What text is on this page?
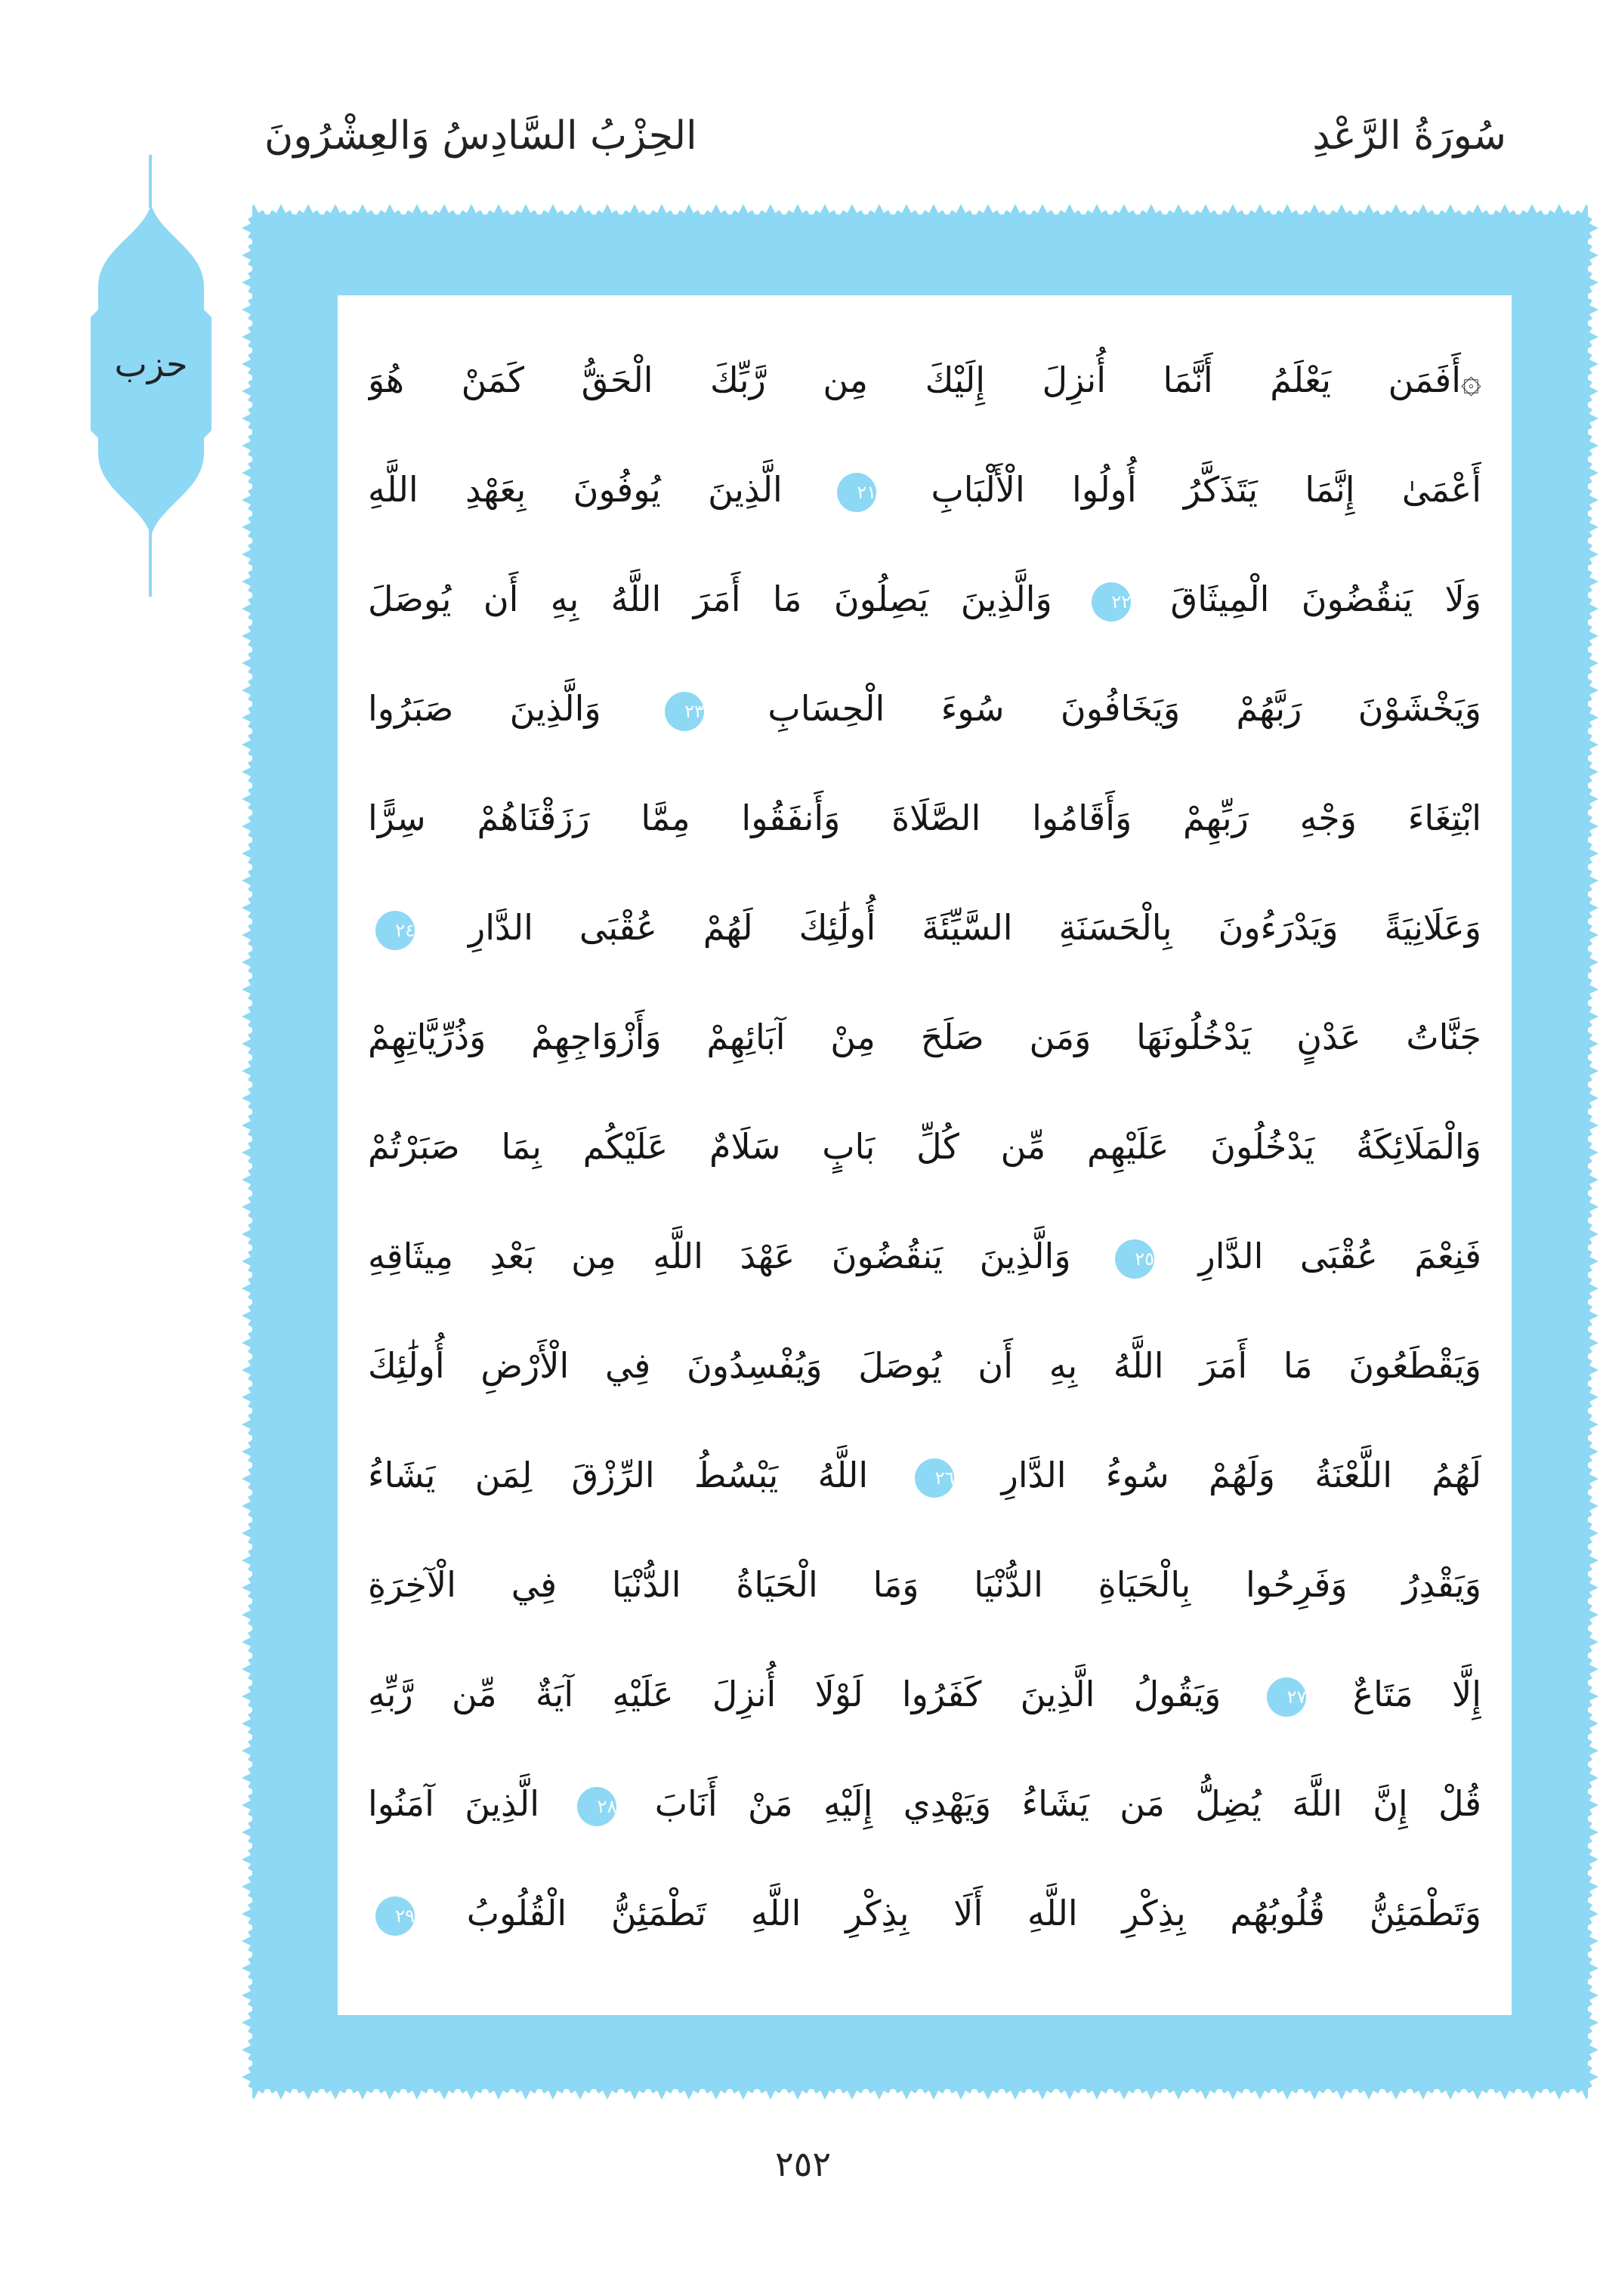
سُورَةُ الرَّعْدِ
الحِزْبُ السَّادِسُ وَالعِشْرُونَ
حزب	۞أَفَمَن يَعْلَمُ أَنَّمَا أُنزِلَ إِلَيْكَ مِن رَّبِّكَ الْحَقُّ كَمَنْ هُوَ
أَعْمَىٰ إِنَّمَا يَتَذَكَّرُ أُولُوا الْأَلْبَابِ ٢١ الَّذِينَ يُوفُونَ بِعَهْدِ اللَّهِ
وَلَا يَنقُضُونَ الْمِيثَاقَ ٢٢ وَالَّذِينَ يَصِلُونَ مَا أَمَرَ اللَّهُ بِهِ أَن يُوصَلَ
وَيَخْشَوْنَ رَبَّهُمْ وَيَخَافُونَ سُوءَ الْحِسَابِ ٢٣ وَالَّذِينَ صَبَرُوا
ابْتِغَاءَ وَجْهِ رَبِّهِمْ وَأَقَامُوا الصَّلَاةَ وَأَنفَقُوا مِمَّا رَزَقْنَاهُمْ سِرًّا
وَعَلَانِيَةً وَيَدْرَءُونَ بِالْحَسَنَةِ السَّيِّئَةَ أُولَٰئِكَ لَهُمْ عُقْبَى الدَّارِ ٢٤
جَنَّاتُ عَدْنٍ يَدْخُلُونَهَا وَمَن صَلَحَ مِنْ آبَائِهِمْ وَأَزْوَاجِهِمْ وَذُرِّيَّاتِهِمْ
وَالْمَلَائِكَةُ يَدْخُلُونَ عَلَيْهِم مِّن كُلِّ بَابٍ سَلَامٌ عَلَيْكُم بِمَا صَبَرْتُمْ
فَنِعْمَ عُقْبَى الدَّارِ ٢٥ وَالَّذِينَ يَنقُضُونَ عَهْدَ اللَّهِ مِن بَعْدِ مِيثَاقِهِ
وَيَقْطَعُونَ مَا أَمَرَ اللَّهُ بِهِ أَن يُوصَلَ وَيُفْسِدُونَ فِي الْأَرْضِ أُولَٰئِكَ
لَهُمُ اللَّعْنَةُ وَلَهُمْ سُوءُ الدَّارِ ٢٦ اللَّهُ يَبْسُطُ الرِّزْقَ لِمَن يَشَاءُ
وَيَقْدِرُ وَفَرِحُوا بِالْحَيَاةِ الدُّنْيَا وَمَا الْحَيَاةُ الدُّنْيَا فِي الْآخِرَةِ
إِلَّا مَتَاعٌ ٢٧ وَيَقُولُ الَّذِينَ كَفَرُوا لَوْلَا أُنزِلَ عَلَيْهِ آيَةٌ مِّن رَّبِّهِ
قُلْ إِنَّ اللَّهَ يُضِلُّ مَن يَشَاءُ وَيَهْدِي إِلَيْهِ مَنْ أَنَابَ ٢٨ الَّذِينَ آمَنُوا
وَتَطْمَئِنُّ قُلُوبُهُم بِذِكْرِ اللَّهِ أَلَا بِذِكْرِ اللَّهِ تَطْمَئِنُّ الْقُلُوبُ ٢٩
٢٥٢
